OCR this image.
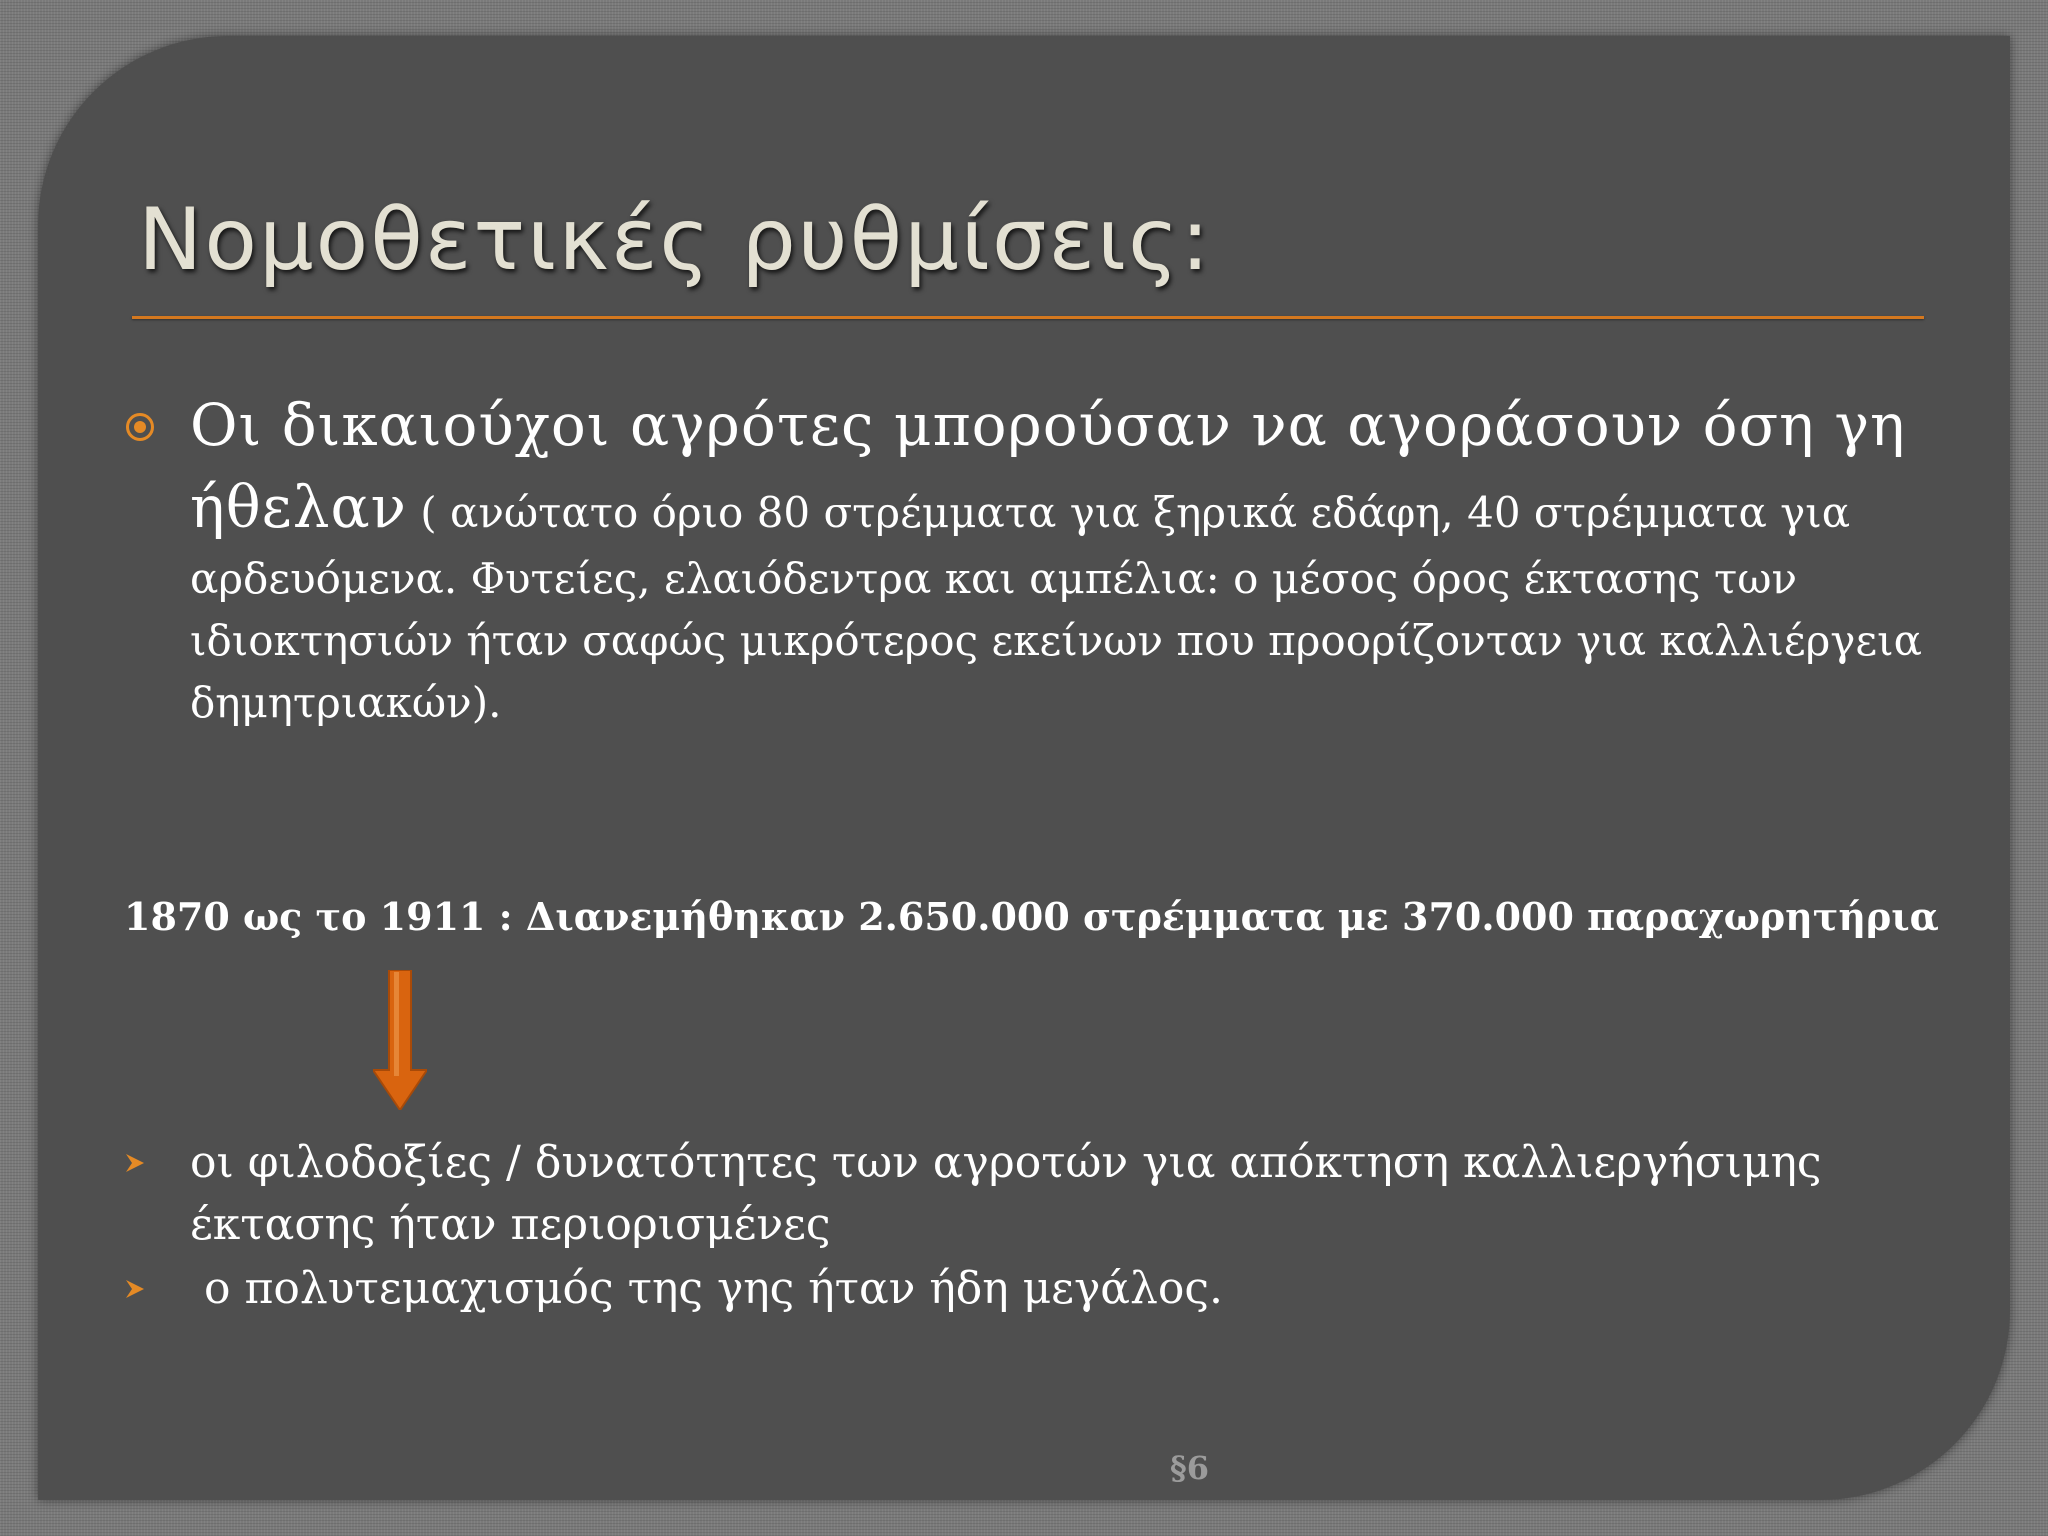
Νομοθετικές ρυθμίσεις:

Οι δικαιούχοι αγρότες μπορούσαν να αγοράσουν όση γη ήθελαν ( ανώτατο όριο 80 στρέμματα για ξηρικά εδάφη, 40 στρέμματα για αρδευόμενα. Φυτείες, ελαιόδεντρα και αμπέλια: ο μέσος όρος έκτασης των ιδιοκτησιών ήταν σαφώς μικρότερος εκείνων που προορίζονταν για καλλιέργεια δημητριακών).

1870 ως το 1911 : Διανεμήθηκαν 2.650.000 στρέμματα με 370.000 παραχωρητήρια

οι φιλοδοξίες / δυνατότητες των αγροτών για απόκτηση καλλιεργήσιμης έκτασης ήταν περιορισμένες

ο πολυτεμαχισμός της γης ήταν ήδη μεγάλος.

§6
